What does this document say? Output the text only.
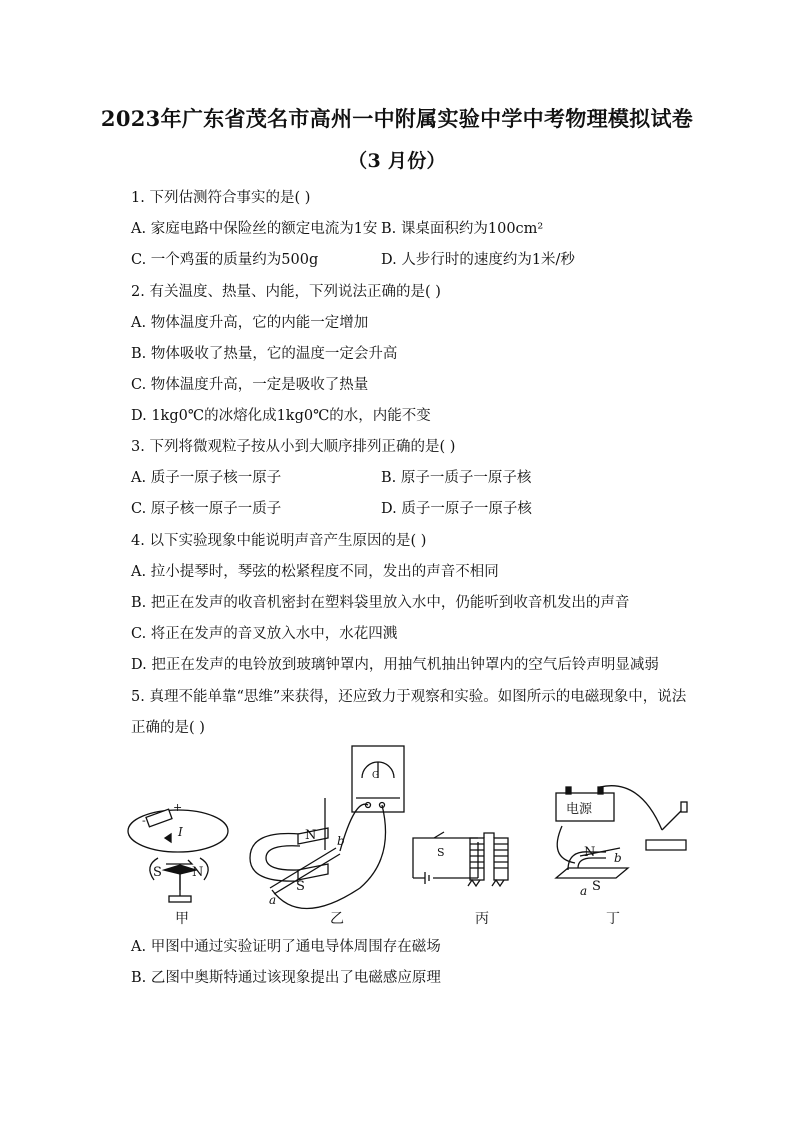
2023年广东省茂名市高州一中附属实验中学中考物理模拟试卷
（3 月份）
1. 下列估测符合事实的是( )
A. 家庭电路中保险丝的额定电流为1安 B. 课桌面积约为100cm²
C. 一个鸡蛋的质量约为500g	D. 人步行时的速度约为1米/秒
2. 有关温度、热量、内能，下列说法正确的是( )
A. 物体温度升高，它的内能一定增加
B. 物体吸收了热量，它的温度一定会升高
C. 物体温度升高，一定是吸收了热量
D. 1kg0℃的冰熔化成1kg0℃的水，内能不变
3. 下列将微观粒子按从小到大顺序排列正确的是( )
A. 质子一原子核一原子	B. 原子一质子一原子核
C. 原子核一原子一质子	D. 质子一原子一原子核
4. 以下实验现象中能说明声音产生原因的是( )
A. 拉小提琴时，琴弦的松紧程度不同，发出的声音不相同
B. 把正在发声的收音机密封在塑料袋里放入水中，仍能听到收音机发出的声音
C. 将正在发声的音叉放入水中，水花四溅
D. 把正在发声的电铃放到玻璃钟罩内，用抽气机抽出钟罩内的空气后铃声明显减弱
5. 真理不能单靠“思维”来获得，还应致力于观察和实验。如图所示的电磁现象中，说法
正确的是( )
+
-
I
S N
G
N
S
a
b
S
电源
N
S
a
b
甲	乙	丙	丁
A. 甲图中通过实验证明了通电导体周围存在磁场
B. 乙图中奥斯特通过该现象提出了电磁感应原理
